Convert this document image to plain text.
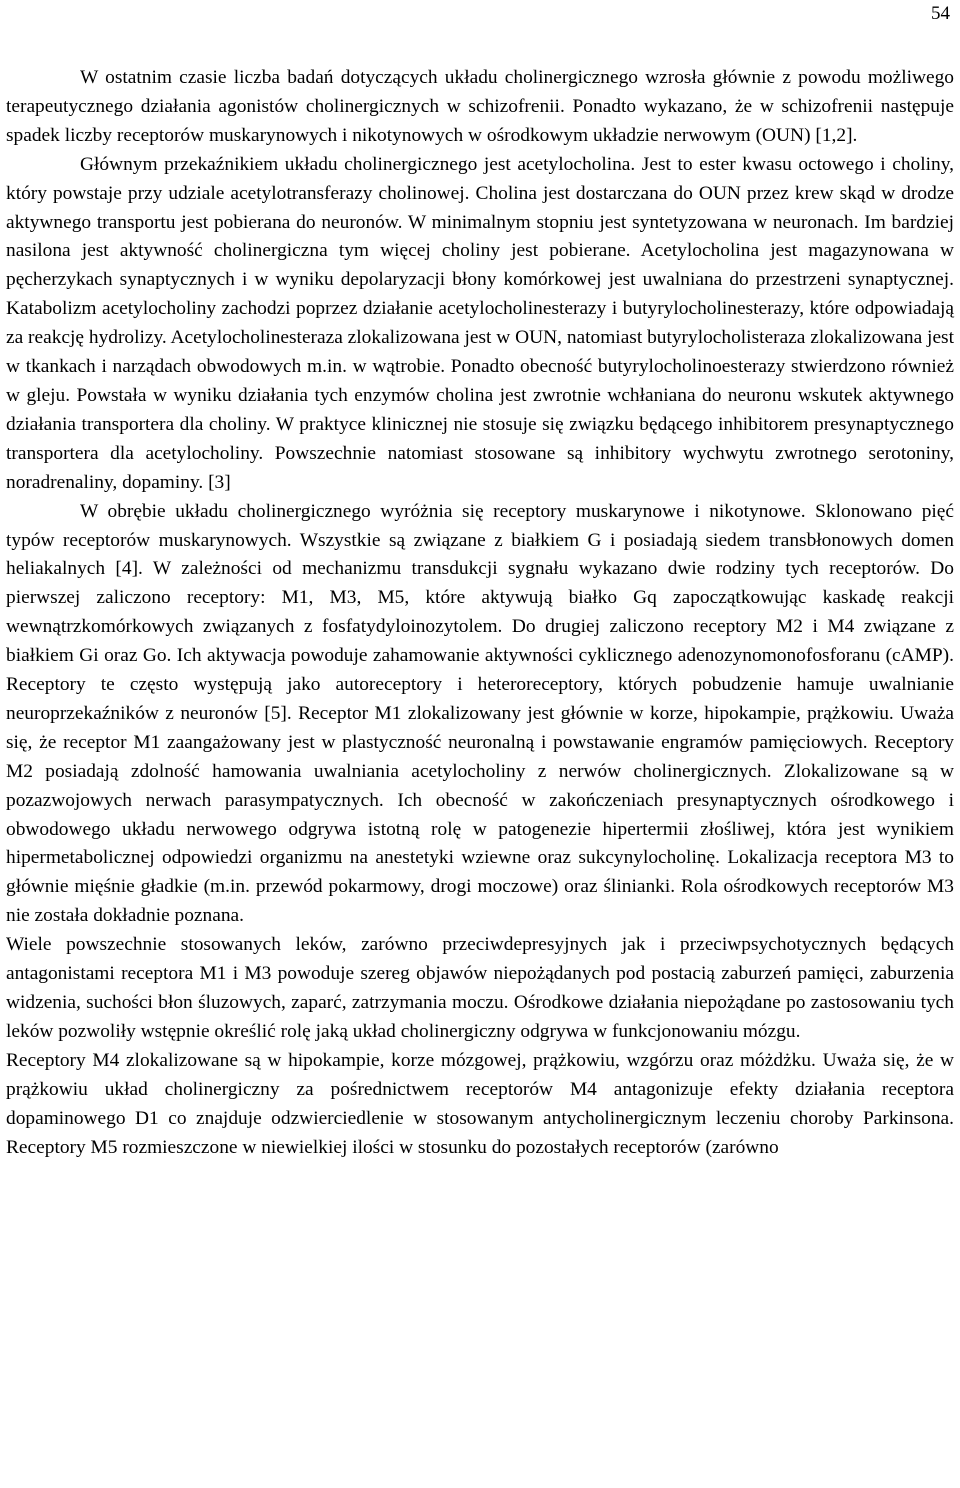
54

W ostatnim czasie liczba badań dotyczących układu cholinergicznego wzrosła głównie z powodu możliwego terapeutycznego działania agonistów cholinergicznych w schizofrenii. Ponadto wykazano, że w schizofrenii następuje spadek liczby receptorów muskarynowych i nikotynowych w ośrodkowym układzie nerwowym (OUN) [1,2].

Głównym przekaźnikiem układu cholinergicznego jest acetylocholina. Jest to ester kwasu octowego i choliny, który powstaje przy udziale acetylotransferazy cholinowej. Cholina jest dostarczana do OUN przez krew skąd w drodze aktywnego transportu jest pobierana do neuronów. W minimalnym stopniu jest syntetyzowana w neuronach. Im bardziej nasilona jest aktywność cholinergiczna tym więcej choliny jest pobierane. Acetylocholina jest magazynowana w pęcherzykach synaptycznych i w wyniku depolaryzacji błony komórkowej jest uwalniana do przestrzeni synaptycznej. Katabolizm acetylocholiny zachodzi poprzez działanie acetylocholinesterazy i butyrylocholinesterazy, które odpowiadają za reakcję hydrolizy. Acetylocholinesteraza zlokalizowana jest w OUN, natomiast butyrylocholisteraza zlokalizowana jest w tkankach i narządach obwodowych m.in. w wątrobie. Ponadto obecność butyrylocholinoesterazy stwierdzono również w gleju. Powstała w wyniku działania tych enzymów cholina jest zwrotnie wchłaniana do neuronu wskutek aktywnego działania transportera dla choliny. W praktyce klinicznej nie stosuje się związku będącego inhibitorem presynaptycznego transportera dla acetylocholiny. Powszechnie natomiast stosowane są inhibitory wychwytu zwrotnego serotoniny, noradrenaliny, dopaminy. [3]

W obrębie układu cholinergicznego wyróżnia się receptory muskarynowe i nikotynowe. Sklonowano pięć typów receptorów muskarynowych. Wszystkie są związane z białkiem G i posiadają siedem transbłonowych domen heliakalnych [4]. W zależności od mechanizmu transdukcji sygnału wykazano dwie rodziny tych receptorów. Do pierwszej zaliczono receptory: M1, M3, M5, które aktywują białko Gq zapoczątkowując kaskadę reakcji wewnątrzkomórkowych związanych z fosfatydyloinozytolem. Do drugiej zaliczono receptory M2 i M4 związane z białkiem Gi oraz Go. Ich aktywacja powoduje zahamowanie aktywności cyklicznego adenozynomonofosforanu (cAMP). Receptory te często występują jako autoreceptory i heteroreceptory, których pobudzenie hamuje uwalnianie neuroprzekaźników z neuronów [5]. Receptor M1 zlokalizowany jest głównie w korze, hipokampie, prążkowiu. Uważa się, że receptor M1 zaangażowany jest w plastyczność neuronalną i powstawanie engramów pamięciowych. Receptory M2 posiadają zdolność hamowania uwalniania acetylocholiny z nerwów cholinergicznych. Zlokalizowane są w pozazwojowych nerwach parasympatycznych. Ich obecność w zakończeniach presynaptycznych ośrodkowego i obwodowego układu nerwowego odgrywa istotną rolę w patogenezie hipertermii złośliwej, która jest wynikiem hipermetabolicznej odpowiedzi organizmu na anestetyki wziewne oraz sukcynylocholinę. Lokalizacja receptora M3 to głównie mięśnie gładkie (m.in. przewód pokarmowy, drogi moczowe) oraz ślinianki. Rola ośrodkowych receptorów M3 nie została dokładnie poznana.

Wiele powszechnie stosowanych leków, zarówno przeciwdepresyjnych jak i przeciwpsychotycznych będących antagonistami receptora M1 i M3 powoduje szereg objawów niepożądanych pod postacią zaburzeń pamięci, zaburzenia widzenia, suchości błon śluzowych, zaparć, zatrzymania moczu. Ośrodkowe działania niepożądane po zastosowaniu tych leków pozwoliły wstępnie określić rolę jaką układ cholinergiczny odgrywa w funkcjonowaniu mózgu.

Receptory M4 zlokalizowane są w hipokampie, korze mózgowej, prążkowiu, wzgórzu oraz móżdżku. Uważa się, że w prążkowiu układ cholinergiczny za pośrednictwem receptorów M4 antagonizuje efekty działania receptora dopaminowego D1 co znajduje odzwierciedlenie w stosowanym antycholinergicznym leczeniu choroby Parkinsona. Receptory M5 rozmieszczone w niewielkiej ilości w stosunku do pozostałych receptorów (zarówno
